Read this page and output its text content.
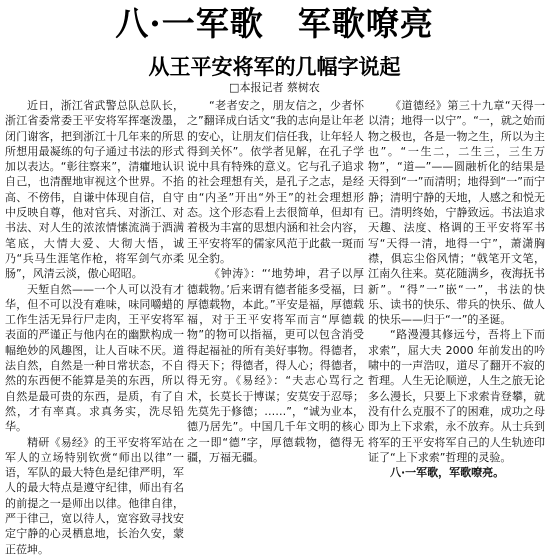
八·一军歌　军歌嘹亮
从王平安将军的几幅字说起
□本报记者 蔡树农

近日，浙江省武警总队总队长，浙江省委常委王平安将军挥毫泼墨，闭门谢客，把到浙江十几年来的所思所想用最凝练的句子通过书法的形式加以表达。“彰往察来”，清癯地认识自己，也清醒地审视这个世界。不掐高、不傍伟，自谦中体现自信，自守中反映自尊，他对官兵、对浙江、对书法、对人生的浓浓情愫流淌于酒满笔底，大情大爱、大彻大悟，诚乃“兵马生涯笔作枪，将军剑气亦柔肠”，风清云淡，傲心昭昭。

天堑自然——一个人可以没有才华，但不可以没有难味，味同嚼蜡的工作生活无异行尸走肉，王平安将军表面的严谨正与他内在的幽默构成一幅绝妙的风趣图，让人百味不厌。道法自然，自然是一种日常状态，不自然的东西便不能算是美的东西，所以自然是最可贵的东西，是质，有了自然，才有率真。求真务实，洗尽铅华。

精研《易经》的王平安将军站在军人的立场特别钦赏“师出以律”一语，军队的最大特色是纪律严明，军人的最大特点是遵守纪律，师出有名的前提之一是师出以律。他律自律，严于律己，宽以待人，宽容致寻找安定宁静的心灵栖息地，长治久安，蒙正莅坤。

“老者安之，朋友信之，少者怀之”翻译成白话文“我的志向是让年老的安心，让朋友们信任我，让年轻人得到关怀”。依学者见解，在孔子学说中具有特殊的意义。它与孔子追求的社会理想有关，是孔子之志，是经由“内圣”开出“外王”的社会理想形态。这个形态看上去很简单，但却有着极为丰富的思想内涵和社会内容，王平安将军的儒家风范于此截一斑而见全豹。

《钟涛》：“‘地势坤，君子以厚德载物。’后来谓有德者能多受福，曰厚德载物，本此。”平安是福，厚德载福，对于王平安将军而言“厚德载物”的物可以指福，更可以包含消受得起福祉的所有美好事物。得德者，得天下；得德者，得人心；得德者，得无穷。《易经》：“夫志心骂行之术，长莫长于博谋；安莫安于忍辱；先莫先于修德；……”，“诚为业本，德乃居先”。中国几千年文明的核心之一即“德”字，厚德载物，德得无疆，万福无疆。

《道德经》第三十九章“天得一以清；地得一以宁”。“一，就之始而物之极也，各是一物之生，所以为主也”。“一生二，二生三，三生万物”，“道—”——圆融析化的结果是天得到“一”而清明；地得到“一”而宁静；清明宁静的天地，人感之和悦无已。清明终始，宁静致远。书法追求天趣、法度、格调的王平安将军书写“天得一清，地得一宁”，萧潇胸襟，俱忘尘俗风情；“戟笔开文笔，江南久往来。莫花随满乡，夜海抚书新”。“得”一”嵌“一”，书法的快乐、读书的快乐、带兵的快乐、做人的快乐——归于“一”的圣诞。

“路漫漫其修远兮，吾将上下而求索”，屈大夫 2000 年前发出的吟啸中的一声浩叹，道尽了翻开不寂的哲理。人生无论顺逆，人生之旅无论多么漫长，只要上下求索肯登攀，就没有什么克服不了的困难，成功之母即为上下求索，永不放弃。从士兵到将军的王平安将军自己的人生轨迹印证了“上下求索”哲理的灵验。

八·一军歌，军歌嘹亮。
